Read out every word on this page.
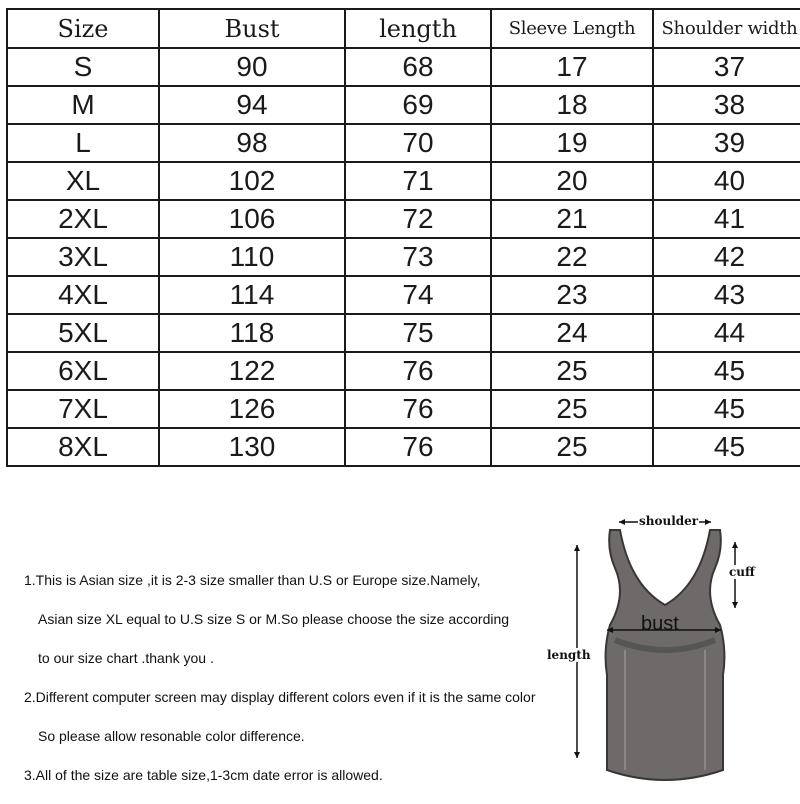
Size	Bust	length	Sleeve Length	Shoulder width
S	90	68	17	37
M	94	69	18	38
L	98	70	19	39
XL	102	71	20	40
2XL	106	72	21	41
3XL	110	73	22	42
4XL	114	74	23	43
5XL	118	75	24	44
6XL	122	76	25	45
7XL	126	76	25	45
8XL	130	76	25	45

1.This is Asian size ,it is 2-3 size smaller than U.S or Europe size.Namely,
Asian size XL equal to U.S size S or M.So please choose the size according
to our size chart .thank you .

2.Different computer screen may display different colors even if it is the same color
So please allow resonable color difference.

3.All of the size are table size,1-3cm date error is allowed.

shoulder
cuff
bust
length
